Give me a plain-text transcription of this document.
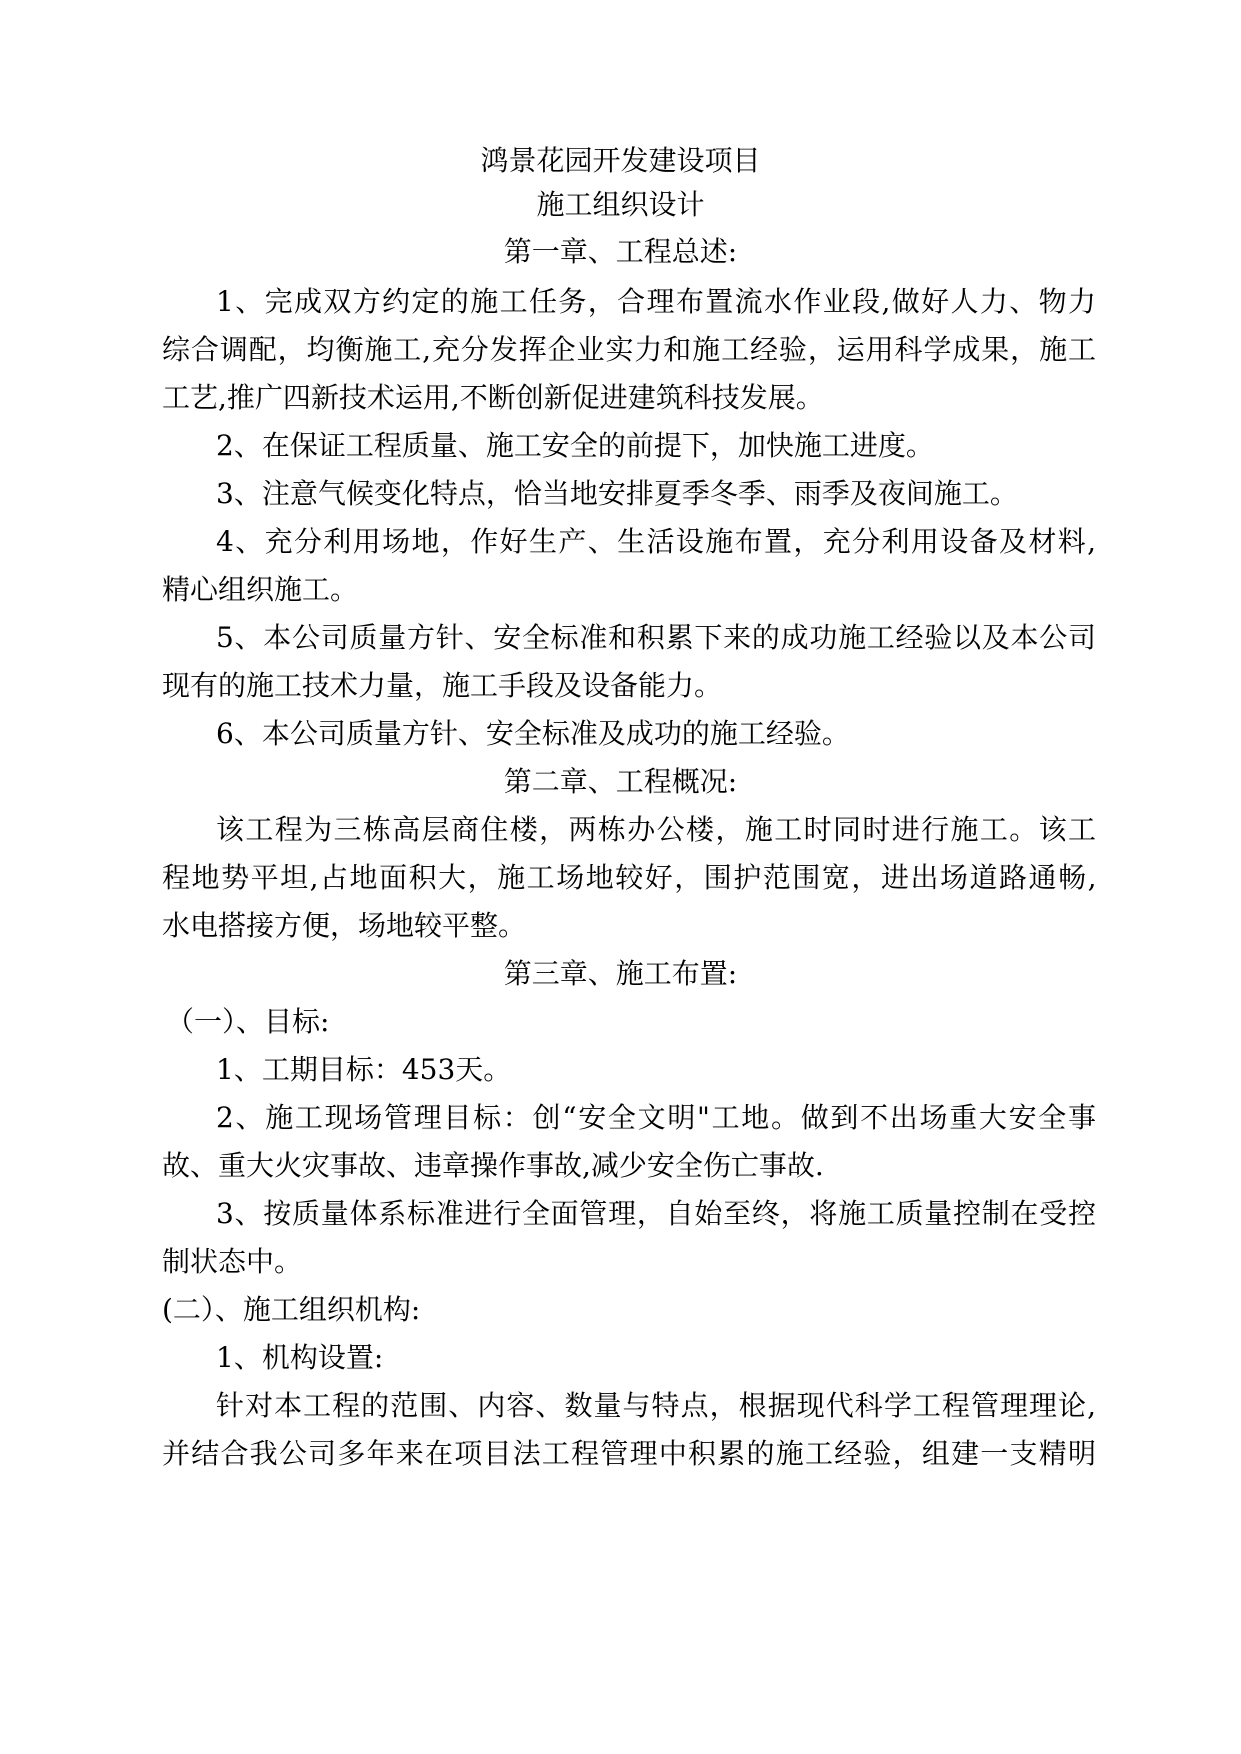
鸿景花园开发建设项目

施工组织设计

第一章、工程总述:

1、完成双方约定的施工任务，合理布置流水作业段,做好人力、物力

综合调配，均衡施工,充分发挥企业实力和施工经验，运用科学成果，施工

工艺,推广四新技术运用,不断创新促进建筑科技发展。

2、在保证工程质量、施工安全的前提下，加快施工进度。

3、注意气候变化特点，恰当地安排夏季冬季、雨季及夜间施工。

4、充分利用场地，作好生产、生活设施布置，充分利用设备及材料,

精心组织施工。

5、本公司质量方针、安全标准和积累下来的成功施工经验以及本公司

现有的施工技术力量，施工手段及设备能力。

6、本公司质量方针、安全标准及成功的施工经验。

第二章、工程概况:

该工程为三栋高层商住楼，两栋办公楼，施工时同时进行施工。该工

程地势平坦,占地面积大，施工场地较好，围护范围宽，进出场道路通畅,

水电搭接方便，场地较平整。

第三章、施工布置:

（一）、目标:

1、工期目标：453天。

2、施工现场管理目标：创“安全文明"工地。做到不出场重大安全事

故、重大火灾事故、违章操作事故,减少安全伤亡事故.

3、按质量体系标准进行全面管理，自始至终，将施工质量控制在受控

制状态中。

(二）、施工组织机构:

1、机构设置:

针对本工程的范围、内容、数量与特点，根据现代科学工程管理理论,

并结合我公司多年来在项目法工程管理中积累的施工经验，组建一支精明
